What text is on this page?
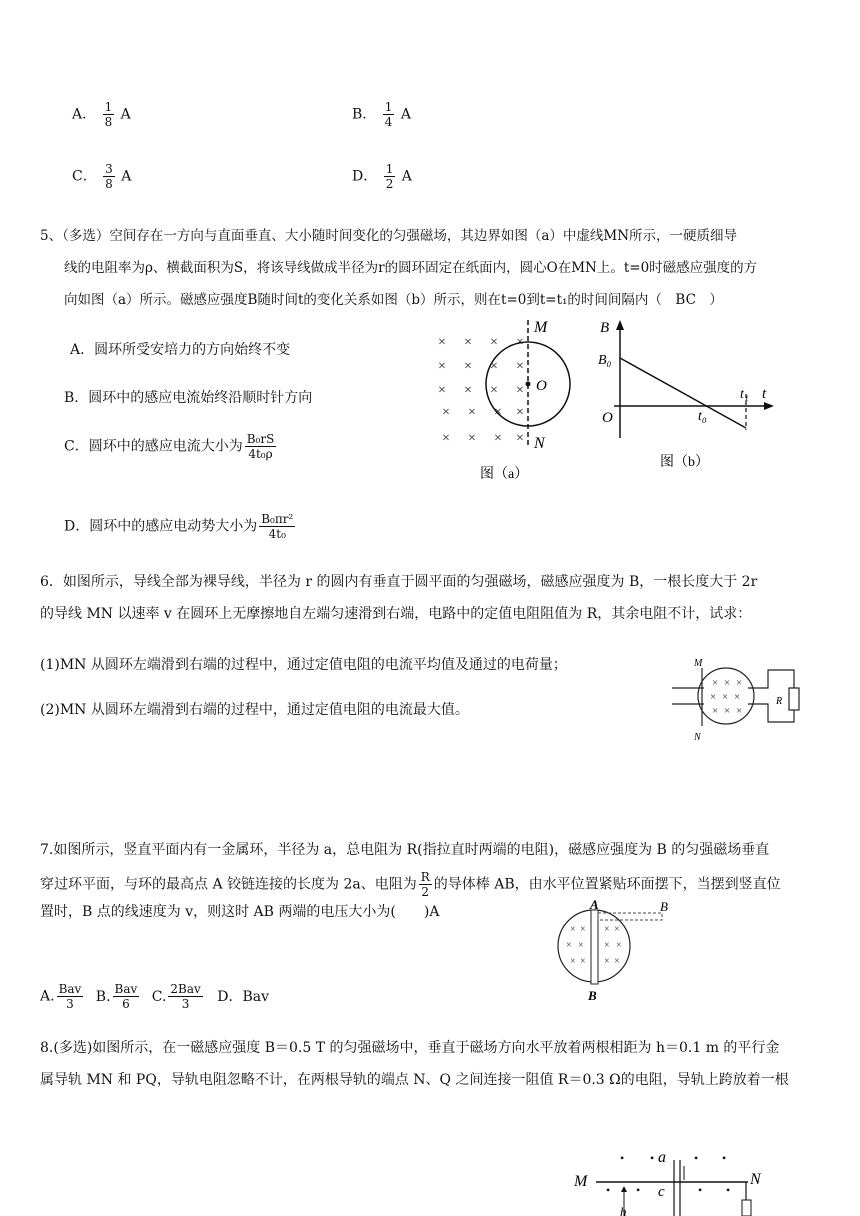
A． $\frac{1}{8}$ A	B． $\frac{1}{4}$ A
C． $\frac{3}{8}$ A	D． $\frac{1}{2}$ A
5、（多选）空间存在一方向与直面垂直、大小随时间变化的匀强磁场，其边界如图（a）中虚线MN所示，一硬质细导
线的电阻率为ρ、横截面积为S，将该导线做成半径为r的圆环固定在纸面内，圆心O在MN上。t=0时磁感应强度的方
向如图（a）所示。磁感应强度B随时间t的变化关系如图（b）所示，则在t=0到t=t₁的时间间隔内（　BC　）
A．圆环所受安培力的方向始终不变
B．圆环中的感应电流始终沿顺时针方向
C．圆环中的感应电流大小为 $\frac{\text{B₀rS}}{\text{4t₀ρ}}$
D．圆环中的感应电动势大小为 $\frac{\text{B₀πr²}}{\text{4t₀}}$
× × × ×
× × × ×
× × × ×
× × × ×
× × × ×
M
N
O
图（a）
B
B₀
O	t₀
t₁ t
图（b）
6．如图所示，导线全部为裸导线，半径为 r 的圆内有垂直于圆平面的匀强磁场，磁感应强度为 B，一根长度大于 2r
的导线 MN 以速率 v 在圆环上无摩擦地自左端匀速滑到右端，电路中的定值电阻阻值为 R，其余电阻不计，试求：
(1)MN 从圆环左端滑到右端的过程中，通过定值电阻的电流平均值及通过的电荷量；
(2)MN 从圆环左端滑到右端的过程中，通过定值电阻的电流最大值。
× × ×
× × ×
× × ×
M
N
R
7.如图所示，竖直平面内有一金属环，半径为 a，总电阻为 R(指拉直时两端的电阻)，磁感应强度为 B 的匀强磁场垂直
穿过环平面，与环的最高点 A 铰链连接的长度为 2a、电阻为 $\frac{R}{2}$ 的导体棒 AB，由水平位置紧贴环面摆下，当摆到竖直位
置时，B 点的线速度为 v，则这时 AB 两端的电压大小为(　　)A
A. $\frac{\text{Bav}}{3} B$. $\frac{\text{Bav}}{6} C$. $\frac{\text{2Bav}}{3}$ D．Bav
× × × ×
× × × ×
× × × ×
A	B
B
8.(多选)如图所示，在一磁感应强度 B＝0.5 T 的匀强磁场中，垂直于磁场方向水平放着两根相距为 h＝0.1 m 的平行金
属导轨 MN 和 PQ，导轨电阻忽略不计，在两根导轨的端点 N、Q 之间连接一阻值 R＝0.3 Ω的电阻，导轨上跨放着一根
• •	• •
• •	• •
M	N
a
c
h
